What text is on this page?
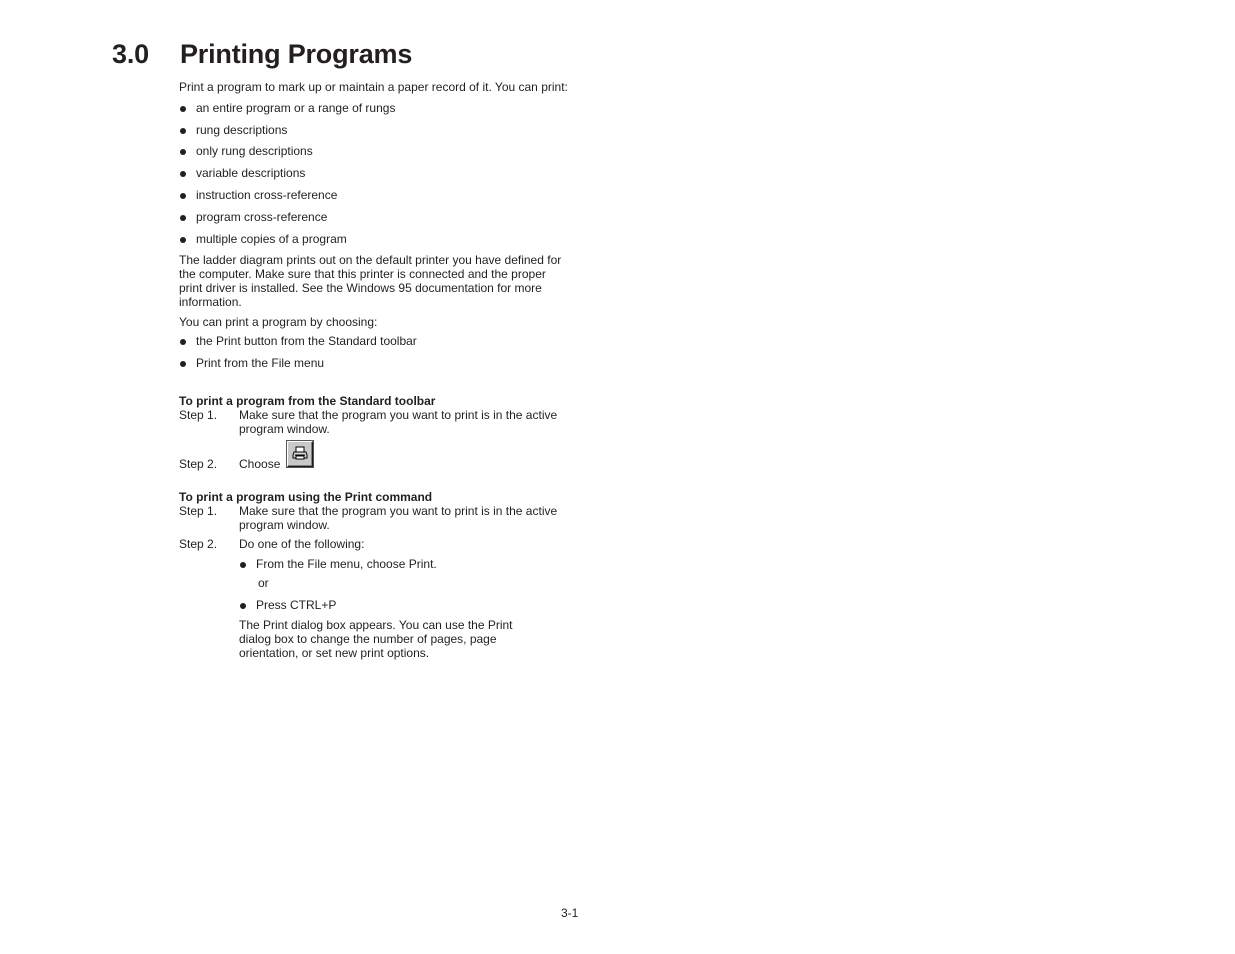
3.0 Printing Programs

Print a program to mark up or maintain a paper record of it. You can print:

an entire program or a range of rungs
rung descriptions
only rung descriptions
variable descriptions
instruction cross-reference
program cross-reference
multiple copies of a program

The ladder diagram prints out on the default printer you have defined for the computer. Make sure that this printer is connected and the proper print driver is installed. See the Windows 95 documentation for more information.

You can print a program by choosing:

the Print button from the Standard toolbar
Print from the File menu

To print a program from the Standard toolbar

Step 1.	Make sure that the program you want to print is in the active program window.
Step 2.	Choose

To print a program using the Print command

Step 1.	Make sure that the program you want to print is in the active program window.
Step 2.	Do one of the following:

From the File menu, choose Print.

or

Press CTRL+P

The Print dialog box appears. You can use the Print dialog box to change the number of pages, page orientation, or set new print options.

3-1
